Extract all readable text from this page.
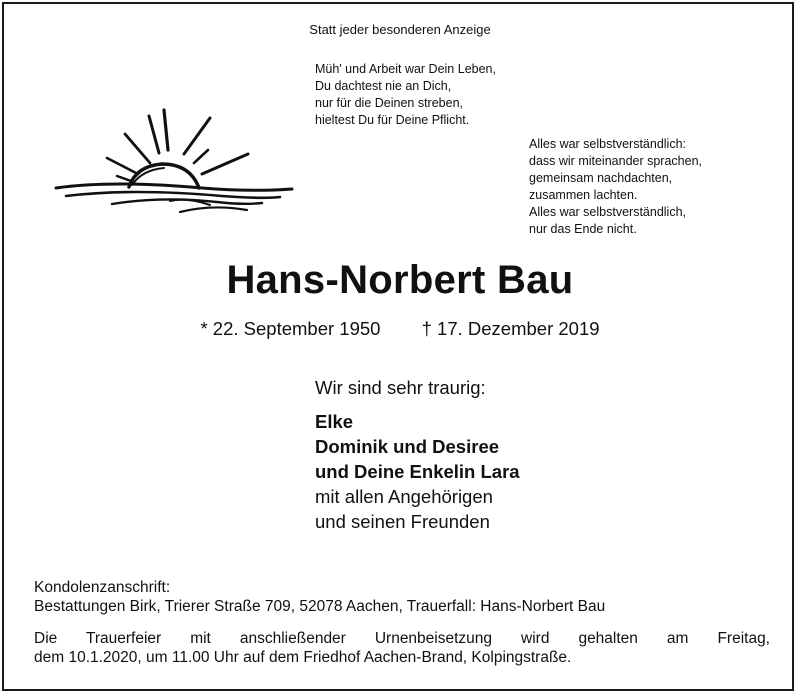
Statt jeder besonderen Anzeige
Müh' und Arbeit war Dein Leben,
Du dachtest nie an Dich,
nur für die Deinen streben,
hieltest Du für Deine Pflicht.
Alles war selbstverständlich:
dass wir miteinander sprachen,
gemeinsam nachdachten,
zusammen lachten.
Alles war selbstverständlich,
nur das Ende nicht.
Hans-Norbert Bau
* 22. September 1950 † 17. Dezember 2019
Wir sind sehr traurig:
Elke
Dominik und Desiree
und Deine Enkelin Lara
mit allen Angehörigen
und seinen Freunden
Kondolenzanschrift:
Bestattungen Birk, Trierer Straße 709, 52078 Aachen, Trauerfall: Hans-Norbert Bau
Die Trauerfeier mit anschließender Urnenbeisetzung wird gehalten am Freitag,
dem 10.1.2020, um 11.00 Uhr auf dem Friedhof Aachen-Brand, Kolpingstraße.
